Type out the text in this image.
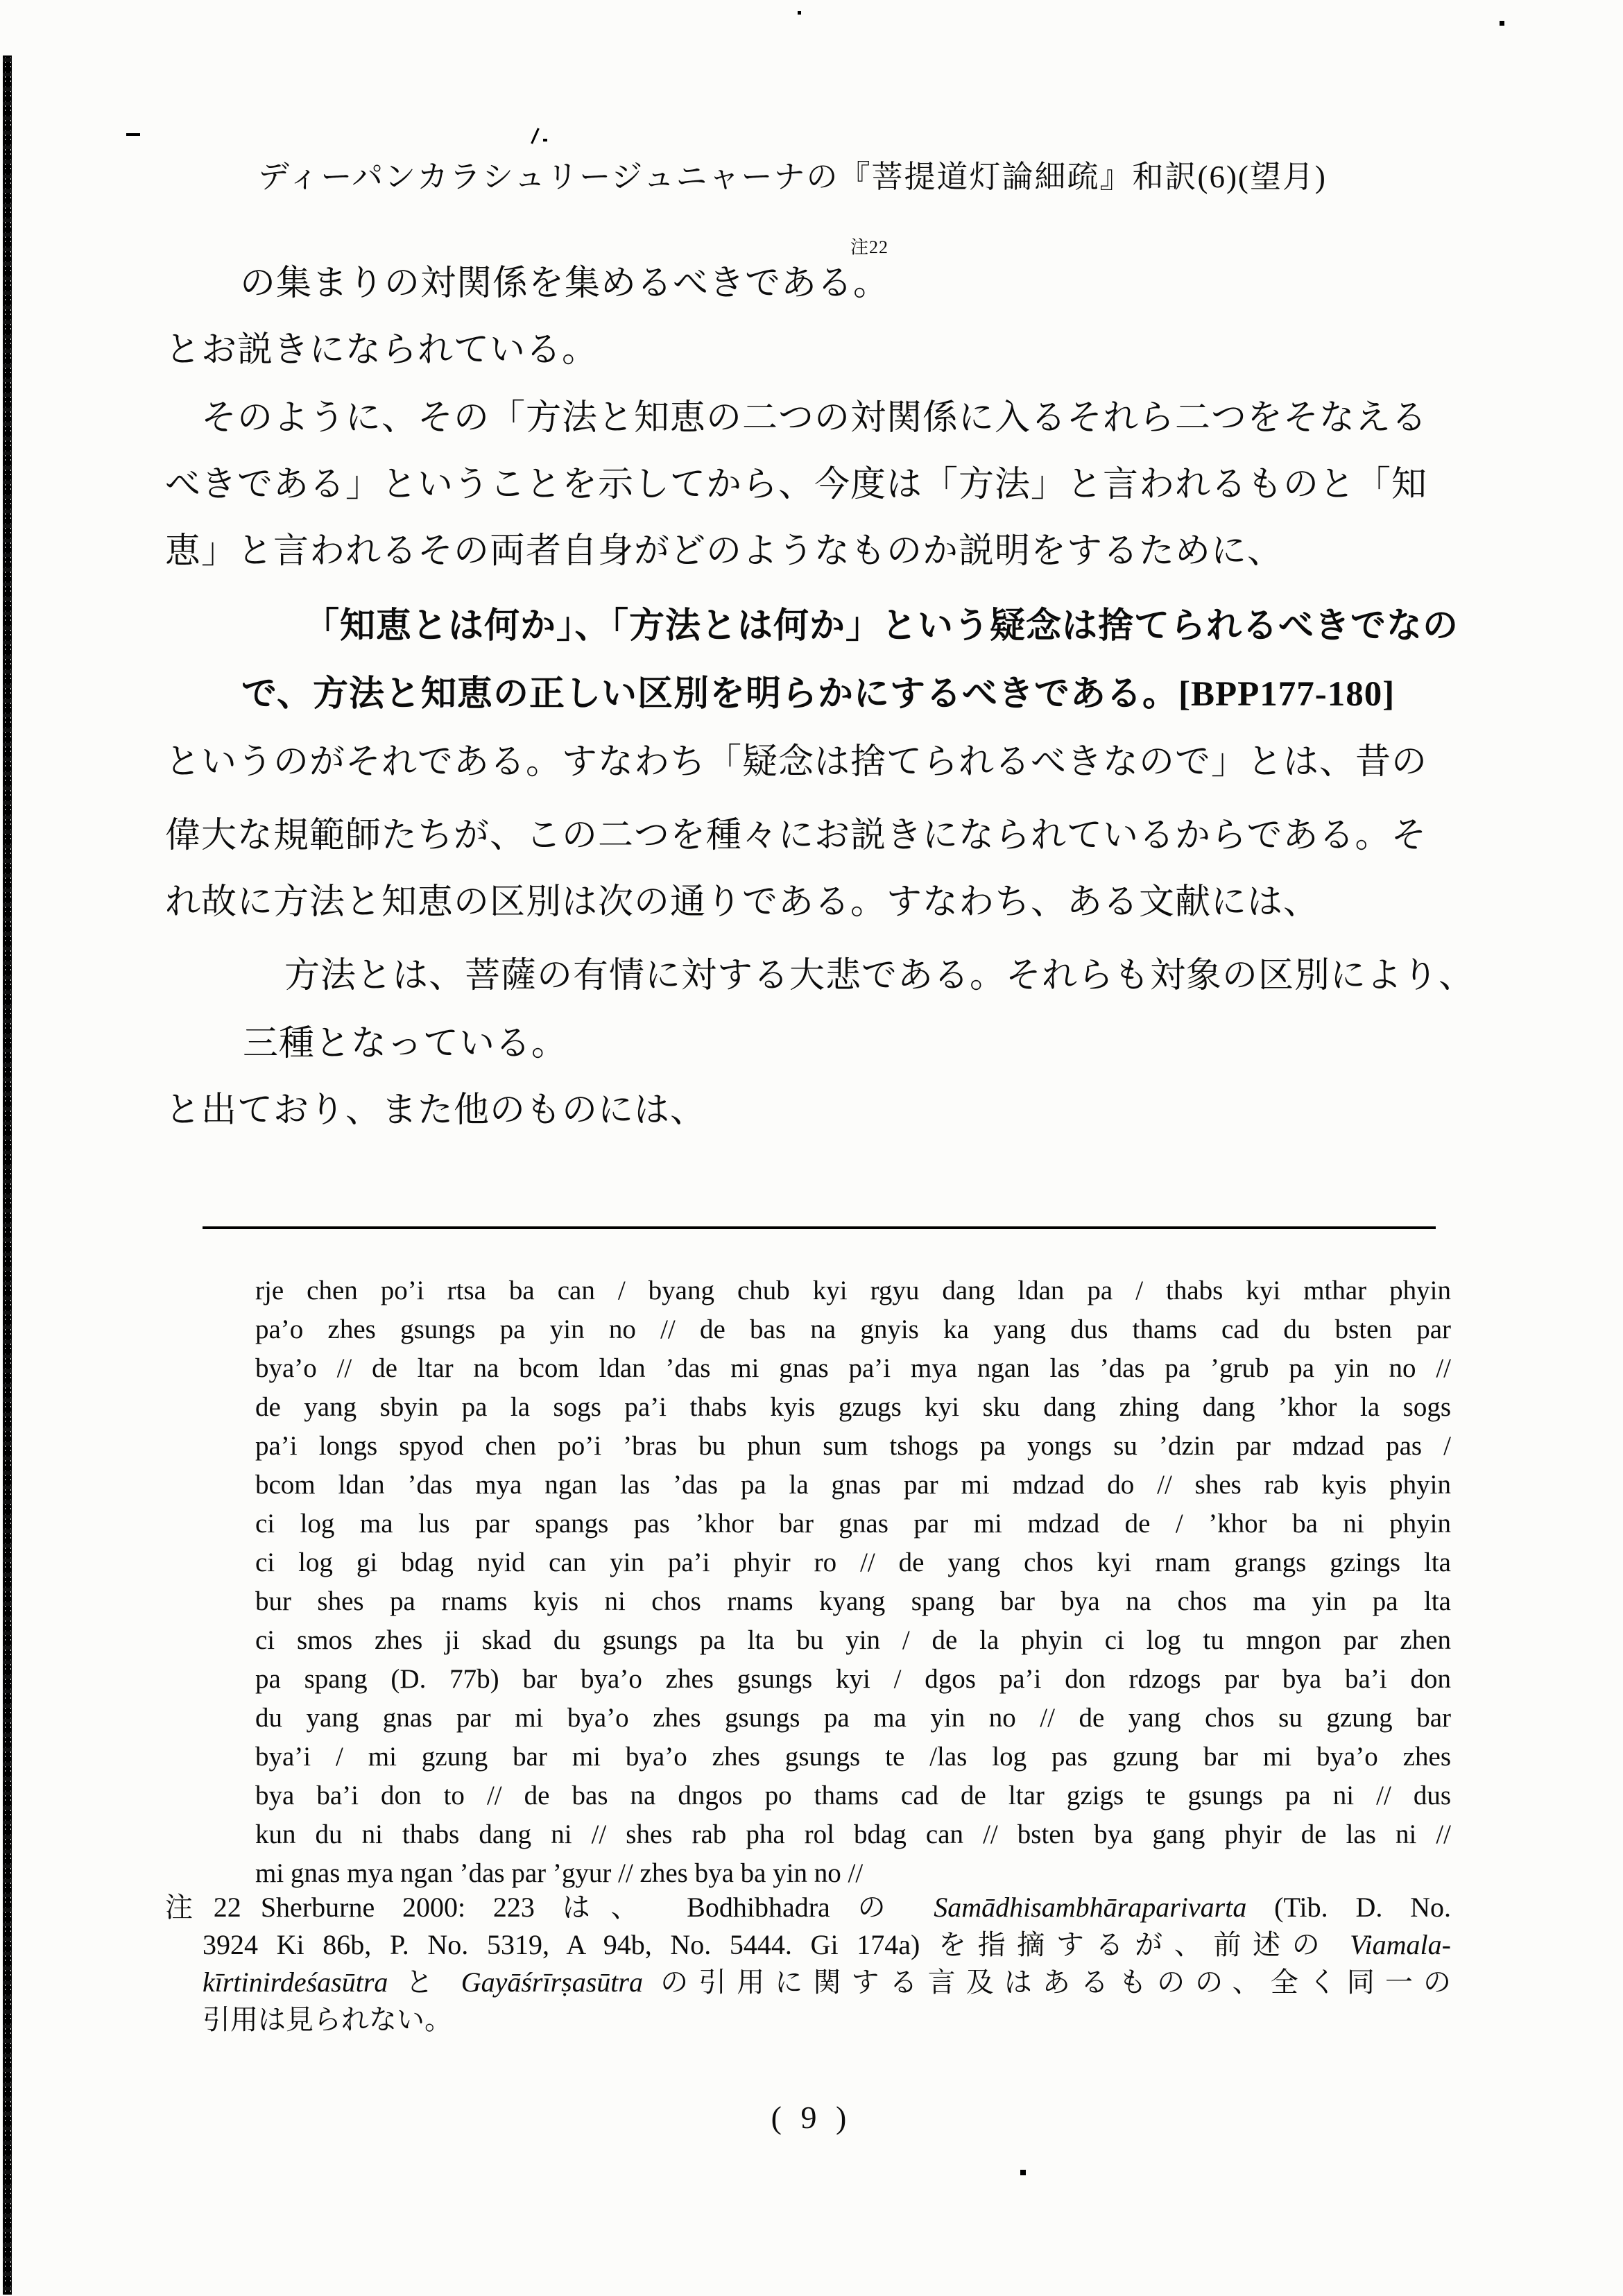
ディーパンカラシュリージュニャーナの『菩提道灯論細疏』和訳(6)(望月)
注22
の集まりの対関係を集めるべきである。
とお説きになられている。
そのように、その「方法と知恵の二つの対関係に入るそれら二つをそなえる
べきである」ということを示してから、今度は「方法」と言われるものと「知
恵」と言われるその両者自身がどのようなものか説明をするために、
「知恵とは何か」、「方法とは何か」という疑念は捨てられるべきでなの
で、方法と知恵の正しい区別を明らかにするべきである。[BPP177-180]
というのがそれである。すなわち「疑念は捨てられるべきなので」とは、昔の
偉大な規範師たちが、この二つを種々にお説きになられているからである。そ
れ故に方法と知恵の区別は次の通りである。すなわち、ある文献には、
方法とは、菩薩の有情に対する大悲である。それらも対象の区別により、
三種となっている。
と出ており、また他のものには、
rje chen po’i rtsa ba can / byang chub kyi rgyu dang ldan pa / thabs kyi mthar phyin
pa’o zhes gsungs pa yin no // de bas na gnyis ka yang dus thams cad du bsten par
bya’o // de ltar na bcom ldan ’das mi gnas pa’i mya ngan las ’das pa ’grub pa yin no //
de yang sbyin pa la sogs pa’i thabs kyis gzugs kyi sku dang zhing dang ’khor la sogs
pa’i longs spyod chen po’i ’bras bu phun sum tshogs pa yongs su ’dzin par mdzad pas /
bcom ldan ’das mya ngan las ’das pa la gnas par mi mdzad do // shes rab kyis phyin
ci log ma lus par spangs pas ’khor bar gnas par mi mdzad de / ’khor ba ni phyin
ci log gi bdag nyid can yin pa’i phyir ro // de yang chos kyi rnam grangs gzings lta
bur shes pa rnams kyis ni chos rnams kyang spang bar bya na chos ma yin pa lta
ci smos zhes ji skad du gsungs pa lta bu yin / de la phyin ci log tu mngon par zhen
pa spang (D. 77b) bar bya’o zhes gsungs kyi / dgos pa’i don rdzogs par bya ba’i don
du yang gnas par mi bya’o zhes gsungs pa ma yin no // de yang chos su gzung bar
bya’i / mi gzung bar mi bya’o zhes gsungs te /las log pas gzung bar mi bya’o zhes
bya ba’i don to // de bas na dngos po thams cad de ltar gzigs te gsungs pa ni // dus
kun du ni thabs dang ni // shes rab pha rol bdag can // bsten bya gang phyir de las ni //
mi gnas mya ngan ’das par ’gyur // zhes bya ba yin no //
注22 Sherburne 2000: 223 は、 Bodhibhadra の Samādhisambhāraparivarta (Tib. D. No.
3924 Ki 86b, P. No. 5319, A 94b, No. 5444. Gi 174a) を指摘するが、前述の Viamala-
kīrtinirdeśasūtra と Gayāśrīrṣasūtra の引用に関する言及はあるものの、全く同一の
引用は見られない。
( 9 )
